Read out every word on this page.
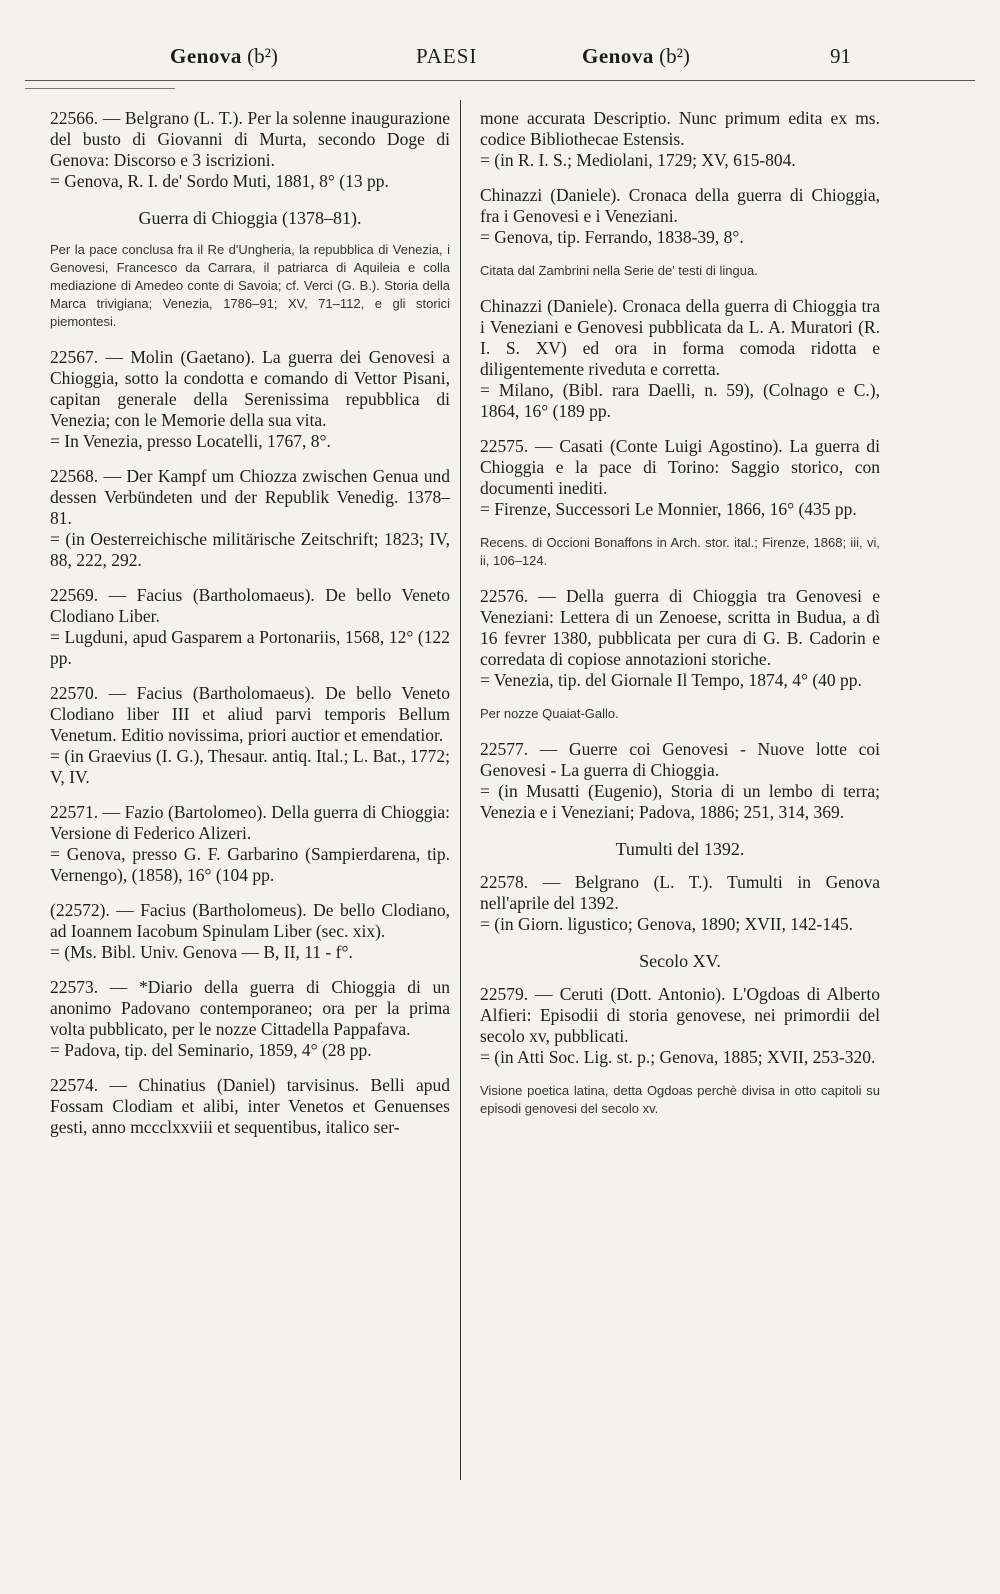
Genova (b²)	PAESI	Genova (b²)	91

22566. — Belgrano (L. T.). Per la solenne inaugurazione del busto di Giovanni di Murta, secondo Doge di Genova: Discorso e 3 iscrizioni.

= Genova, R. I. de' Sordo Muti, 1881, 8° (13 pp.

Guerra di Chioggia (1378–81).

Per la pace conclusa fra il Re d'Ungheria, la repubblica di Venezia, i Genovesi, Francesco da Carrara, il patriarca di Aquileia e colla mediazione di Amedeo conte di Savoia; cf. Verci (G. B.). Storia della Marca trivigiana; Venezia, 1786–91; XV, 71–112, e gli storici piemontesi.

22567. — Molin (Gaetano). La guerra dei Genovesi a Chioggia, sotto la condotta e comando di Vettor Pisani, capitan generale della Serenissima repubblica di Venezia; con le Memorie della sua vita.

= In Venezia, presso Locatelli, 1767, 8°.

22568. — Der Kampf um Chiozza zwischen Genua und dessen Verbündeten und der Republik Venedig. 1378–81.

= (in Oesterreichische militärische Zeitschrift; 1823; IV, 88, 222, 292.

22569. — Facius (Bartholomaeus). De bello Veneto Clodiano Liber.

= Lugduni, apud Gasparem a Portonariis, 1568, 12° (122 pp.

22570. — Facius (Bartholomaeus). De bello Veneto Clodiano liber III et aliud parvi temporis Bellum Venetum. Editio novissima, priori auctior et emendatior.

= (in Graevius (I. G.), Thesaur. antiq. Ital.; L. Bat., 1772; V, IV.

22571. — Fazio (Bartolomeo). Della guerra di Chioggia: Versione di Federico Alizeri.

= Genova, presso G. F. Garbarino (Sampierdarena, tip. Vernengo), (1858), 16° (104 pp.

(22572). — Facius (Bartholomeus). De bello Clodiano, ad Ioannem Iacobum Spinulam Liber (sec. xix).

= (Ms. Bibl. Univ. Genova — B, II, 11 - f°.

22573. — *Diario della guerra di Chioggia di un anonimo Padovano contemporaneo; ora per la prima volta pubblicato, per le nozze Cittadella Pappafava.

= Padova, tip. del Seminario, 1859, 4° (28 pp.

22574. — Chinatius (Daniel) tarvisinus. Belli apud Fossam Clodiam et alibi, inter Venetos et Genuenses gesti, anno mccclxxviii et sequentibus, italico ser-

mone accurata Descriptio. Nunc primum edita ex ms. codice Bibliothecae Estensis.

= (in R. I. S.; Mediolani, 1729; XV, 615-804.

Chinazzi (Daniele). Cronaca della guerra di Chioggia, fra i Genovesi e i Veneziani.

= Genova, tip. Ferrando, 1838-39, 8°.

Citata dal Zambrini nella Serie de' testi di lingua.

Chinazzi (Daniele). Cronaca della guerra di Chioggia tra i Veneziani e Genovesi pubblicata da L. A. Muratori (R. I. S. XV) ed ora in forma comoda ridotta e diligentemente riveduta e corretta.

= Milano, (Bibl. rara Daelli, n. 59), (Colnago e C.), 1864, 16° (189 pp.

22575. — Casati (Conte Luigi Agostino). La guerra di Chioggia e la pace di Torino: Saggio storico, con documenti inediti.

= Firenze, Successori Le Monnier, 1866, 16° (435 pp.

Recens. di Occioni Bonaffons in Arch. stor. ital.; Firenze, 1868; iii, vi, ii, 106–124.

22576. — Della guerra di Chioggia tra Genovesi e Veneziani: Lettera di un Zenoese, scritta in Budua, a dì 16 fevrer 1380, pubblicata per cura di G. B. Cadorin e corredata di copiose annotazioni storiche.

= Venezia, tip. del Giornale Il Tempo, 1874, 4° (40 pp.

Per nozze Quaiat-Gallo.

22577. — Guerre coi Genovesi - Nuove lotte coi Genovesi - La guerra di Chioggia.

= (in Musatti (Eugenio), Storia di un lembo di terra; Venezia e i Veneziani; Padova, 1886; 251, 314, 369.

Tumulti del 1392.

22578. — Belgrano (L. T.). Tumulti in Genova nell'aprile del 1392.

= (in Giorn. ligustico; Genova, 1890; XVII, 142-145.

Secolo XV.

22579. — Ceruti (Dott. Antonio). L'Ogdoas di Alberto Alfieri: Episodii di storia genovese, nei primordii del secolo xv, pubblicati.

= (in Atti Soc. Lig. st. p.; Genova, 1885; XVII, 253-320.

Visione poetica latina, detta Ogdoas perchè divisa in otto capitoli su episodi genovesi del secolo xv.
